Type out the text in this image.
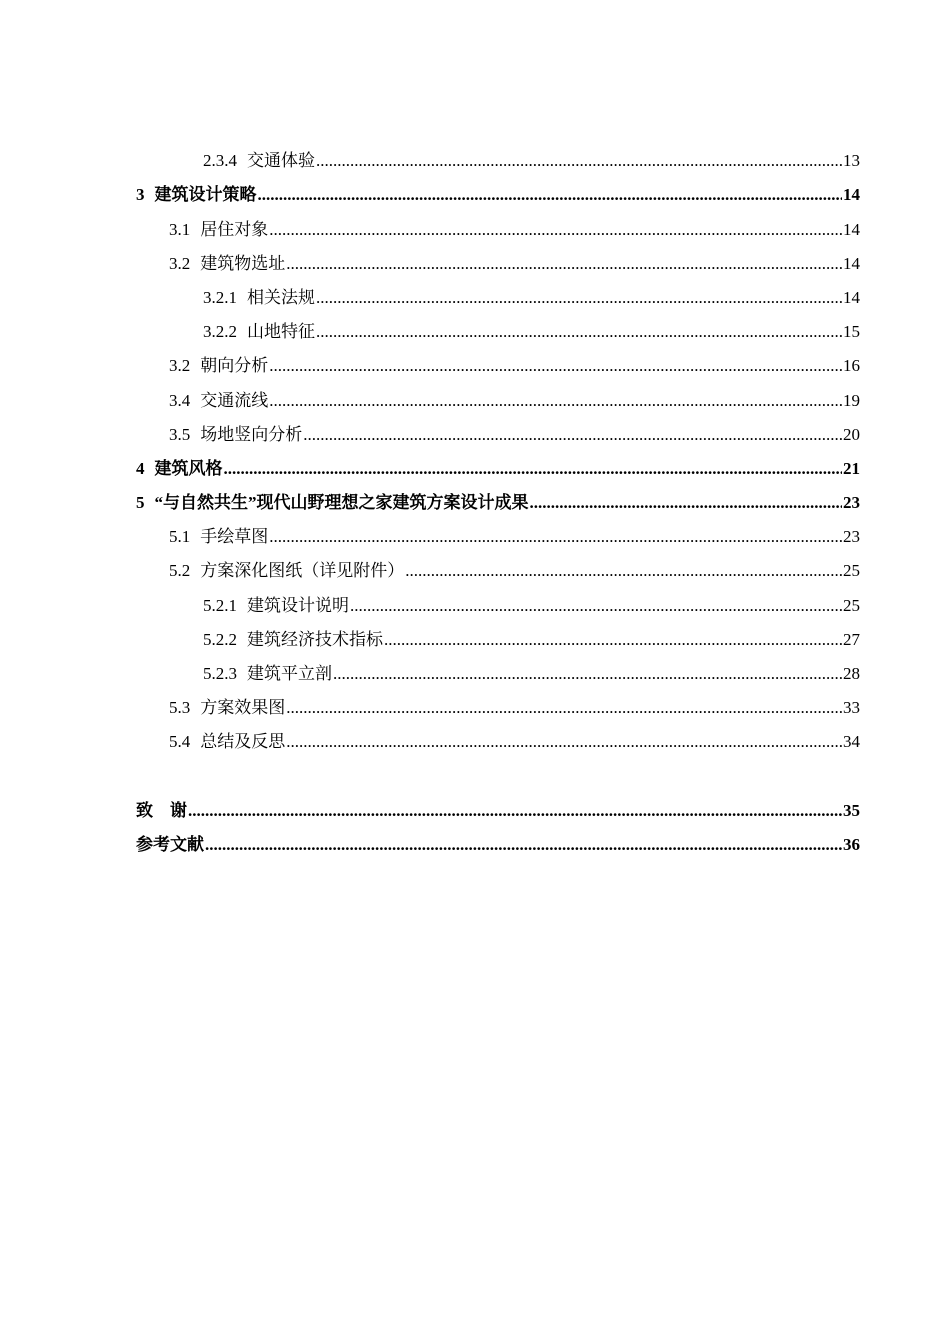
2.3.4 交通体验 .....	13
3 建筑设计策略 .....	14
3.1 居住对象 .....	14
3.2 建筑物选址 .....	14
3.2.1 相关法规 .....	14
3.2.2 山地特征 .....	15
3.2 朝向分析 .....	16
3.4 交通流线 .....	19
3.5 场地竖向分析 .....	20
4 建筑风格 .....	21
5 “与自然共生”现代山野理想之家建筑方案设计成果 .....	23
5.1 手绘草图 .....	23
5.2 方案深化图纸（详见附件） .....	25
5.2.1 建筑设计说明 .....	25
5.2.2 建筑经济技术指标 .....	27
5.2.3 建筑平立剖 .....	28
5.3 方案效果图 .....	33
5.4 总结及反思 .....	34
致　谢 .....	35
参考文献 .....	36
